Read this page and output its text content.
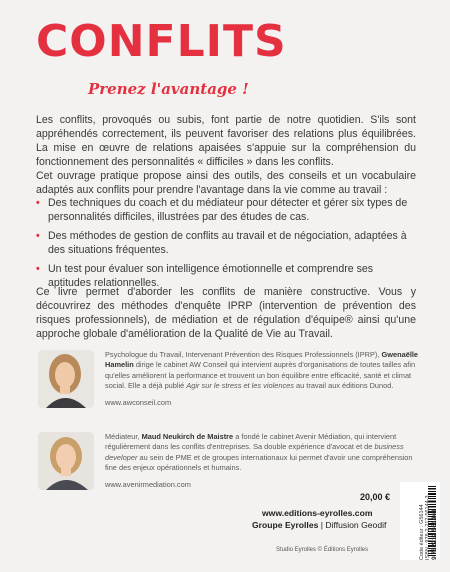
CONFLITS
Prenez l'avantage !

Les conflits, provoqués ou subis, font partie de notre quotidien. S'ils sont appréhendés correctement, ils peuvent favoriser des relations plus équilibrées. La mise en œuvre de relations apaisées s'appuie sur la compréhension du fonctionnement des personnalités « difficiles » dans les conflits.

Cet ouvrage pratique propose ainsi des outils, des conseils et un vocabulaire adaptés aux conflits pour prendre l'avantage dans la vie comme au travail :

• Des techniques du coach et du médiateur pour détecter et gérer six types de personnalités difficiles, illustrées par des études de cas.
• Des méthodes de gestion de conflits au travail et de négociation, adaptées à des situations fréquentes.
• Un test pour évaluer son intelligence émotionnelle et comprendre ses aptitudes relationnelles.

Ce livre permet d'aborder les conflits de manière constructive. Vous y découvrirez des méthodes d'enquête IPRP (intervention de prévention des risques professionnels), de médiation et de régulation d'équipe® ainsi qu'une approche globale d'amélioration de la Qualité de Vie au Travail.

Psychologue du Travail, Intervenant Prévention des Risques Professionnels (IPRP), Gwenaëlle Hamelin dirige le cabinet AW Conseil qui intervient auprès d'organisations de toutes tailles afin qu'elles améliorent la performance et trouvent un bon équilibre entre efficacité, santé et climat social. Elle a déjà publié Agir sur le stress et les violences au travail aux éditions Dunod.

www.awconseil.com

Médiateur, Maud Neukirch de Maistre a fondé le cabinet Avenir Médiation, qui intervient régulièrement dans les conflits d'entreprises. Sa double expérience d'avocat et de business developer au sein de PME et de groupes internationaux lui permet d'avoir une compréhension fine des enjeux opérationnels et humains.

www.avenirmediation.com

20,00 €
www.editions-eyrolles.com
Groupe Eyrolles | Diffusion Geodif
Studio Eyrolles © Éditions Eyrolles	Code éditeur : G56144 ISBN : 978-2-212-56144-3 9 782212 561443
